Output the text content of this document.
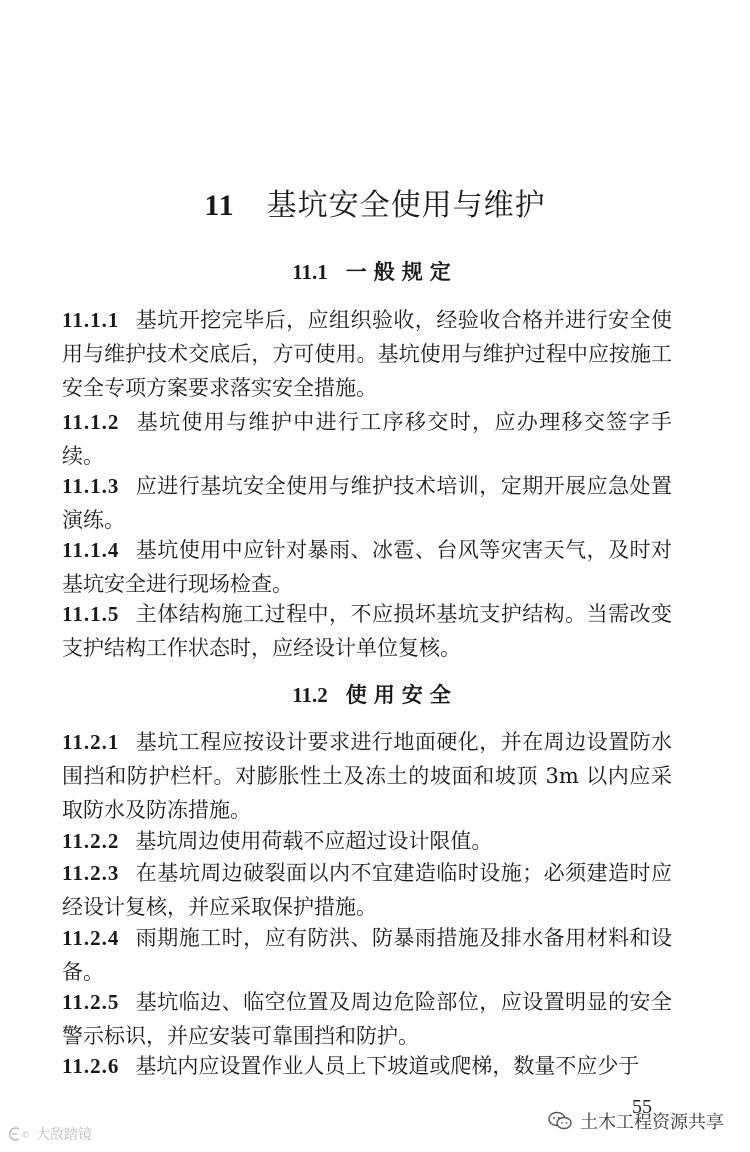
11 基坑安全使用与维护
11.1 一般规定
11.1.1 基坑开挖完毕后，应组织验收，经验收合格并进行安全使用与维护技术交底后，方可使用。基坑使用与维护过程中应按施工安全专项方案要求落实安全措施。
11.1.2 基坑使用与维护中进行工序移交时，应办理移交签字手续。
11.1.3 应进行基坑安全使用与维护技术培训，定期开展应急处置演练。
11.1.4 基坑使用中应针对暴雨、冰雹、台风等灾害天气，及时对基坑安全进行现场检查。
11.1.5 主体结构施工过程中，不应损坏基坑支护结构。当需改变支护结构工作状态时，应经设计单位复核。
11.2 使用安全
11.2.1 基坑工程应按设计要求进行地面硬化，并在周边设置防水围挡和防护栏杆。对膨胀性土及冻土的坡面和坡顶 3m 以内应采取防水及防冻措施。
11.2.2 基坑周边使用荷载不应超过设计限值。
11.2.3 在基坑周边破裂面以内不宜建造临时设施；必须建造时应经设计复核，并应采取保护措施。
11.2.4 雨期施工时，应有防洪、防暴雨措施及排水备用材料和设备。
11.2.5 基坑临边、临空位置及周边危险部位，应设置明显的安全警示标识，并应安装可靠围挡和防护。
11.2.6 基坑内应设置作业人员上下坡道或爬梯，数量不应少于
55
土木工程资源共享
© 大敌踏镜
